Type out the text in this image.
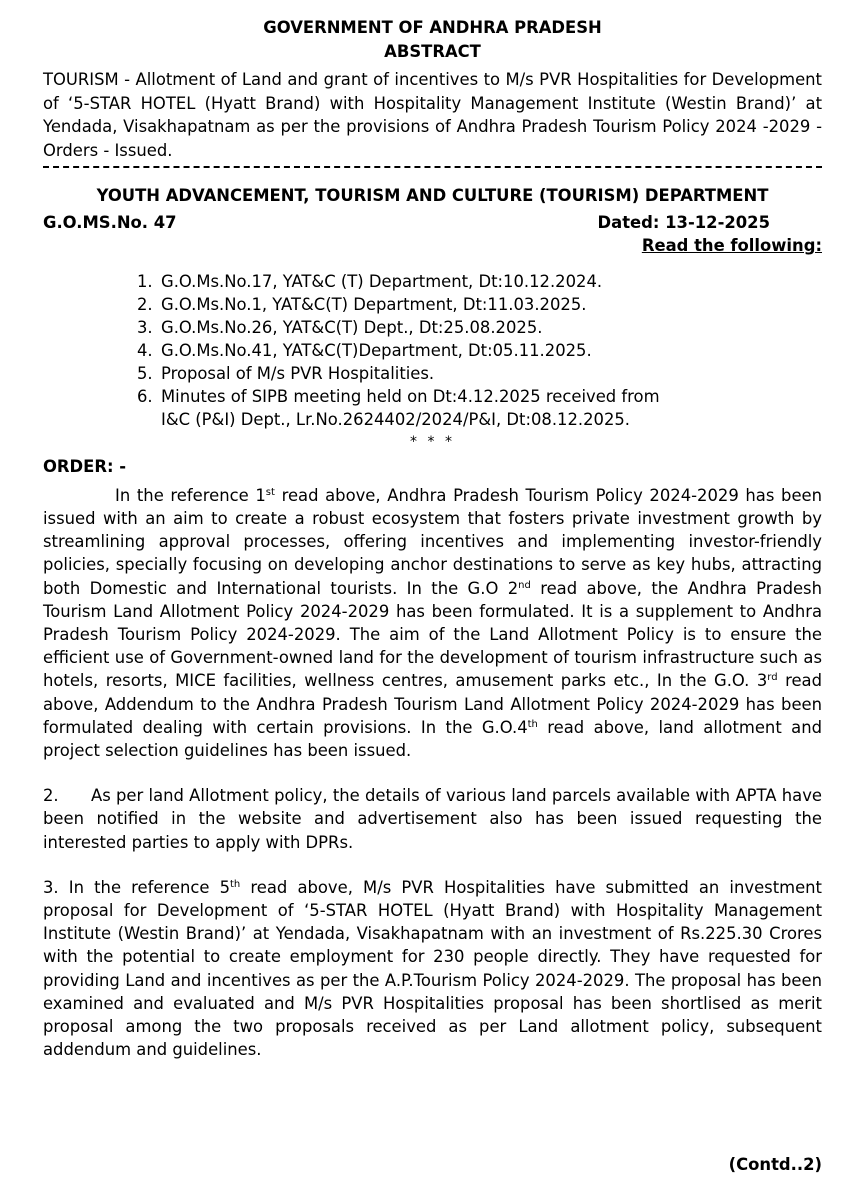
GOVERNMENT OF ANDHRA PRADESH
ABSTRACT
TOURISM - Allotment of Land and grant of incentives to M/s PVR Hospitalities for Development of ‘5-STAR HOTEL (Hyatt Brand) with Hospitality Management Institute (Westin Brand)’ at Yendada, Visakhapatnam as per the provisions of Andhra Pradesh Tourism Policy 2024 -2029 - Orders - Issued.
YOUTH ADVANCEMENT, TOURISM AND CULTURE (TOURISM) DEPARTMENT
G.O.MS.No. 47	Dated: 13-12-2025
Read the following:
1. G.O.Ms.No.17, YAT&C (T) Department, Dt:10.12.2024.
2. G.O.Ms.No.1, YAT&C(T) Department, Dt:11.03.2025.
3. G.O.Ms.No.26, YAT&C(T) Dept., Dt:25.08.2025.
4. G.O.Ms.No.41, YAT&C(T)Department, Dt:05.11.2025.
5. Proposal of M/s PVR Hospitalities.
6. Minutes of SIPB meeting held on Dt:4.12.2025 received from
I&C (P&I) Dept., Lr.No.2624402/2024/P&I, Dt:08.12.2025.
* * *
ORDER: -

In the reference 1st read above, Andhra Pradesh Tourism Policy 2024-2029 has been issued with an aim to create a robust ecosystem that fosters private investment growth by streamlining approval processes, offering incentives and implementing investor-friendly policies, specially focusing on developing anchor destinations to serve as key hubs, attracting both Domestic and International tourists. In the G.O 2nd read above, the Andhra Pradesh Tourism Land Allotment Policy 2024-2029 has been formulated. It is a supplement to Andhra Pradesh Tourism Policy 2024-2029. The aim of the Land Allotment Policy is to ensure the efficient use of Government-owned land for the development of tourism infrastructure such as hotels, resorts, MICE facilities, wellness centres, amusement parks etc., In the G.O. 3rd read above, Addendum to the Andhra Pradesh Tourism Land Allotment Policy 2024-2029 has been formulated dealing with certain provisions. In the G.O.4th read above, land allotment and project selection guidelines has been issued.

2. As per land Allotment policy, the details of various land parcels available with APTA have been notified in the website and advertisement also has been issued requesting the interested parties to apply with DPRs.

3. In the reference 5th read above, M/s PVR Hospitalities have submitted an investment proposal for Development of ‘5-STAR HOTEL (Hyatt Brand) with Hospitality Management Institute (Westin Brand)’ at Yendada, Visakhapatnam with an investment of Rs.225.30 Crores with the potential to create employment for 230 people directly. They have requested for providing Land and incentives as per the A.P.Tourism Policy 2024-2029. The proposal has been examined and evaluated and M/s PVR Hospitalities proposal has been shortlised as merit proposal among the two proposals received as per Land allotment policy, subsequent addendum and guidelines.

(Contd..2)
